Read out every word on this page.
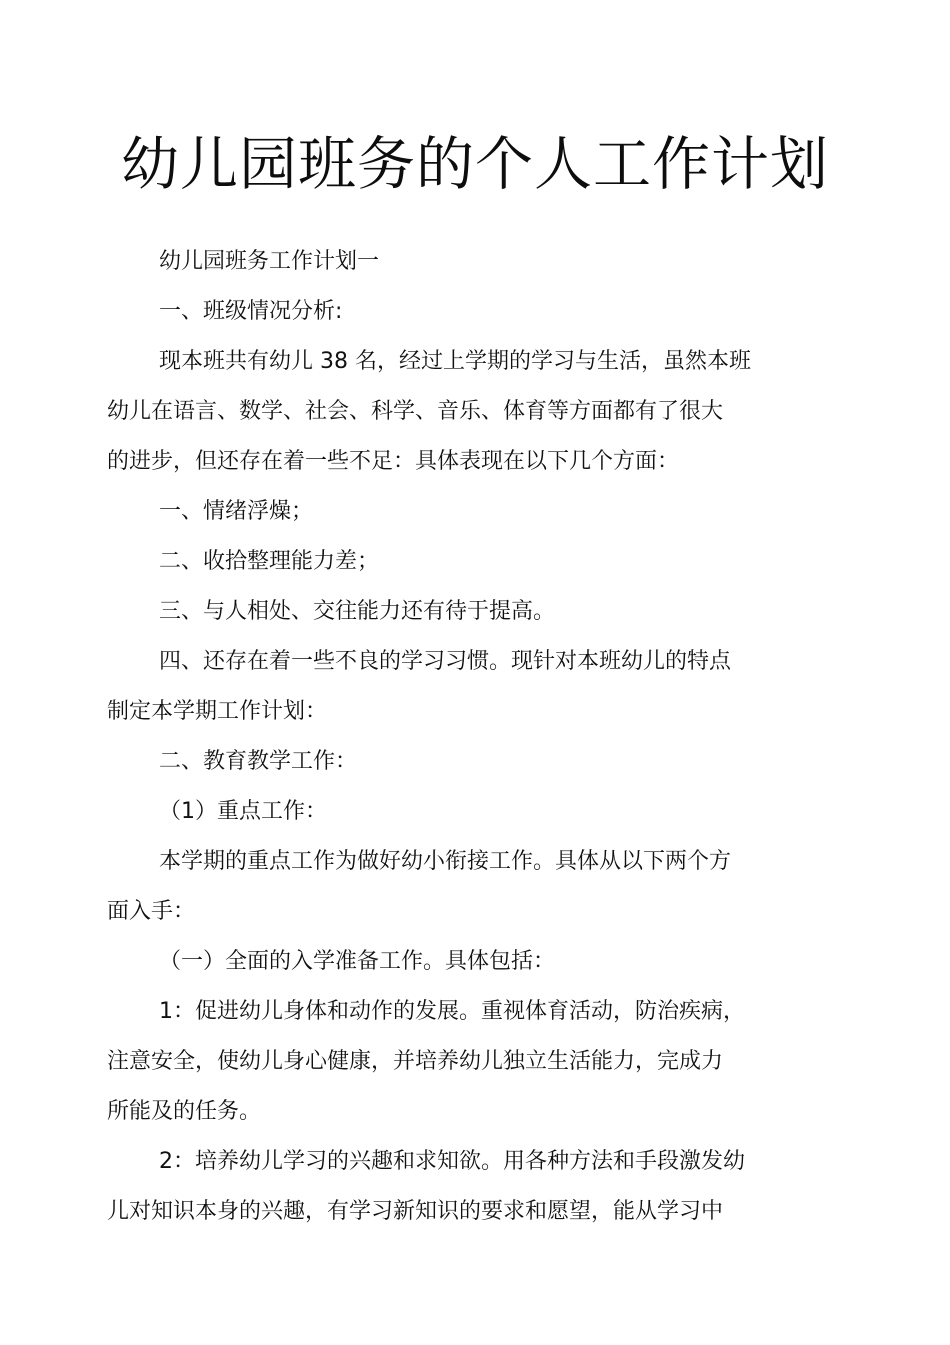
幼儿园班务的个人工作计划
幼儿园班务工作计划一
一、班级情况分析:
现本班共有幼儿 38 名，经过上学期的学习与生活，虽然本班
幼儿在语言、数学、社会、科学、音乐、体育等方面都有了很大
的进步，但还存在着一些不足：具体表现在以下几个方面：
一、情绪浮燥；
二、收拾整理能力差；
三、与人相处、交往能力还有待于提高。
四、还存在着一些不良的学习习惯。现针对本班幼儿的特点
制定本学期工作计划：
二、教育教学工作：
（1）重点工作：
本学期的重点工作为做好幼小衔接工作。具体从以下两个方
面入手：
（一）全面的入学准备工作。具体包括：
1：促进幼儿身体和动作的发展。重视体育活动，防治疾病，
注意安全，使幼儿身心健康，并培养幼儿独立生活能力，完成力
所能及的任务。
2：培养幼儿学习的兴趣和求知欲。用各种方法和手段激发幼
儿对知识本身的兴趣，有学习新知识的要求和愿望，能从学习中
